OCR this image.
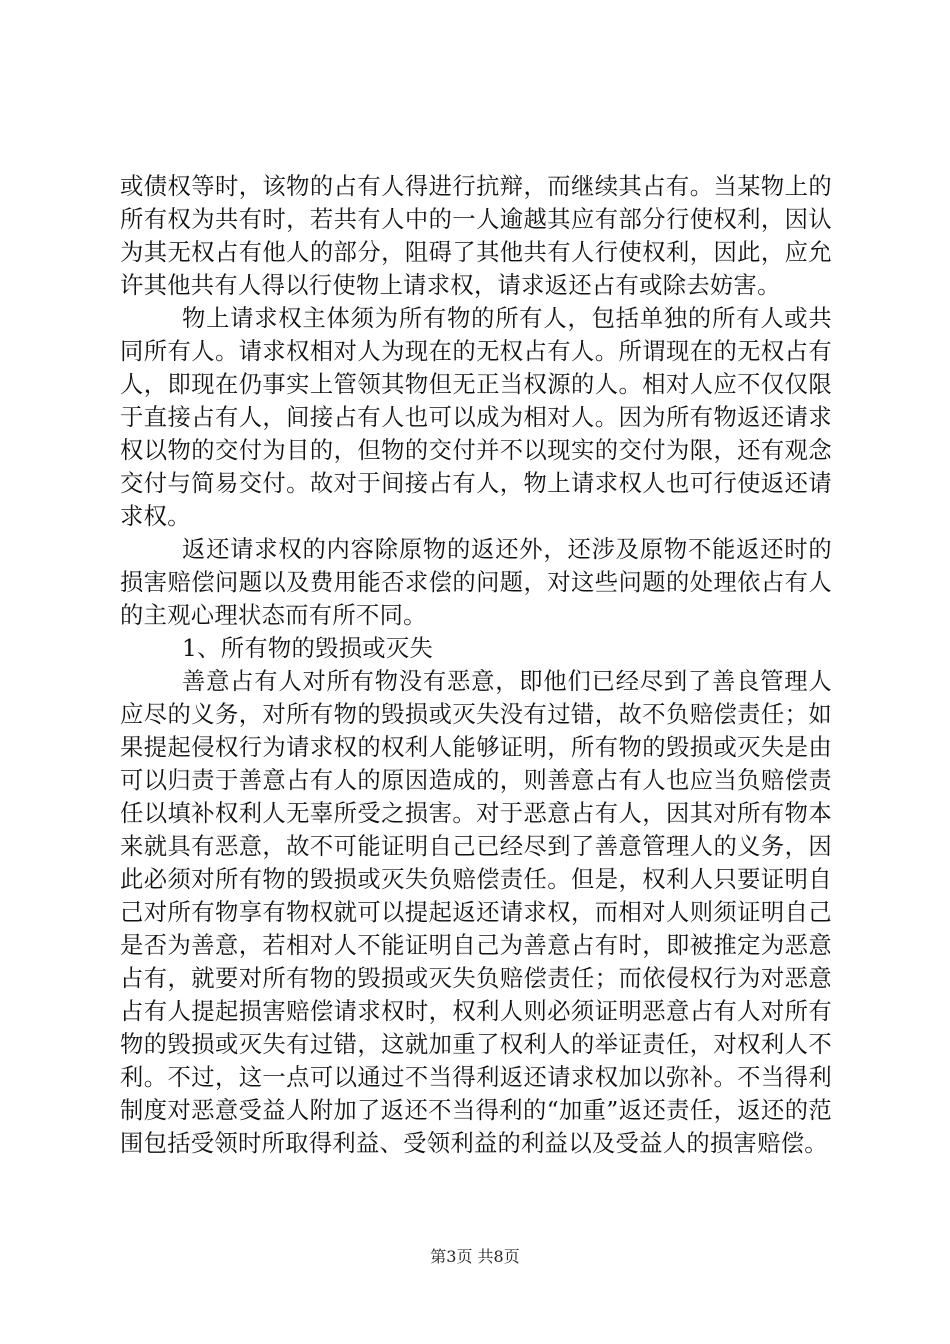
或债权等时，该物的占有人得进行抗辩，而继续其占有。当某物上的所有权为共有时，若共有人中的一人逾越其应有部分行使权利，因认为其无权占有他人的部分，阻碍了其他共有人行使权利，因此，应允许其他共有人得以行使物上请求权，请求返还占有或除去妨害。

物上请求权主体须为所有物的所有人，包括单独的所有人或共同所有人。请求权相对人为现在的无权占有人。所谓现在的无权占有人，即现在仍事实上管领其物但无正当权源的人。相对人应不仅仅限于直接占有人，间接占有人也可以成为相对人。因为所有物返还请求权以物的交付为目的，但物的交付并不以现实的交付为限，还有观念交付与简易交付。故对于间接占有人，物上请求权人也可行使返还请求权。

返还请求权的内容除原物的返还外，还涉及原物不能返还时的损害赔偿问题以及费用能否求偿的问题，对这些问题的处理依占有人的主观心理状态而有所不同。

1、所有物的毁损或灭失

善意占有人对所有物没有恶意，即他们已经尽到了善良管理人应尽的义务，对所有物的毁损或灭失没有过错，故不负赔偿责任；如果提起侵权行为请求权的权利人能够证明，所有物的毁损或灭失是由可以归责于善意占有人的原因造成的，则善意占有人也应当负赔偿责任以填补权利人无辜所受之损害。对于恶意占有人，因其对所有物本来就具有恶意，故不可能证明自己已经尽到了善意管理人的义务，因此必须对所有物的毁损或灭失负赔偿责任。但是，权利人只要证明自己对所有物享有物权就可以提起返还请求权，而相对人则须证明自己是否为善意，若相对人不能证明自己为善意占有时，即被推定为恶意占有，就要对所有物的毁损或灭失负赔偿责任；而依侵权行为对恶意占有人提起损害赔偿请求权时，权利人则必须证明恶意占有人对所有物的毁损或灭失有过错，这就加重了权利人的举证责任，对权利人不利。不过，这一点可以通过不当得利返还请求权加以弥补。不当得利制度对恶意受益人附加了返还不当得利的“加重”返还责任，返还的范围包括受领时所取得利益、受领利益的利益以及受益人的损害赔偿。

第3页 共8页
